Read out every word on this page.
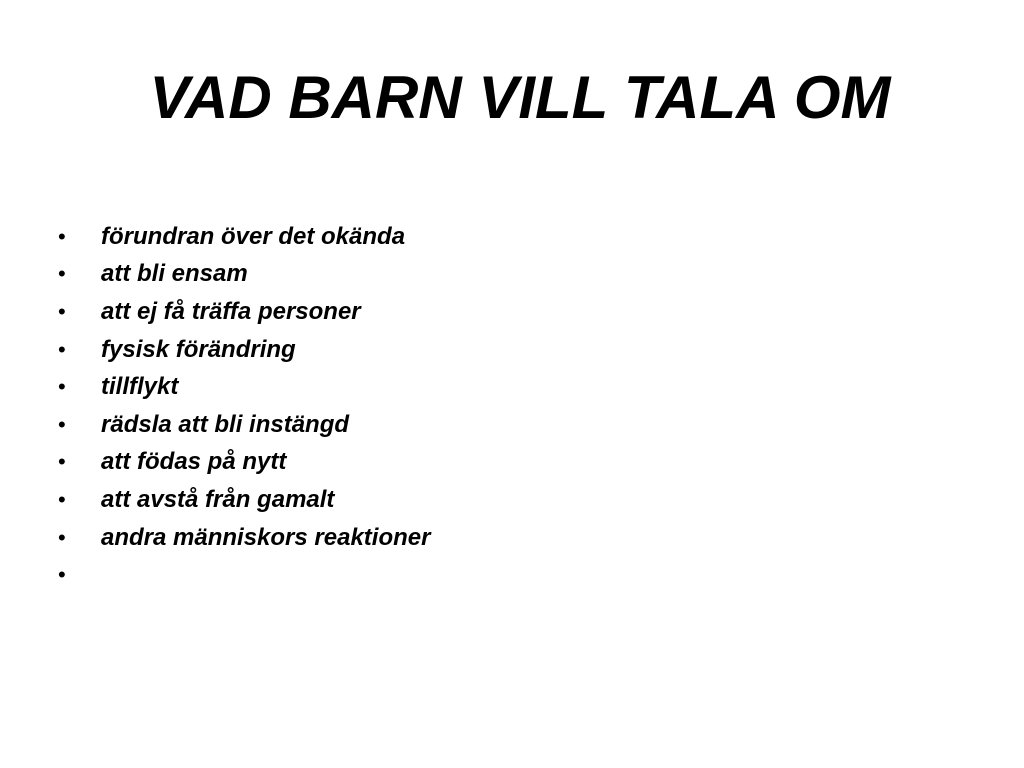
VAD BARN VILL TALA OM
•	förundran över det okända
•	att bli ensam
•	att ej få träffa personer
•	fysisk förändring
•	tillflykt
•	rädsla att bli instängd
•	att födas på nytt
•	att avstå från gamalt
•	andra människors reaktioner
•
